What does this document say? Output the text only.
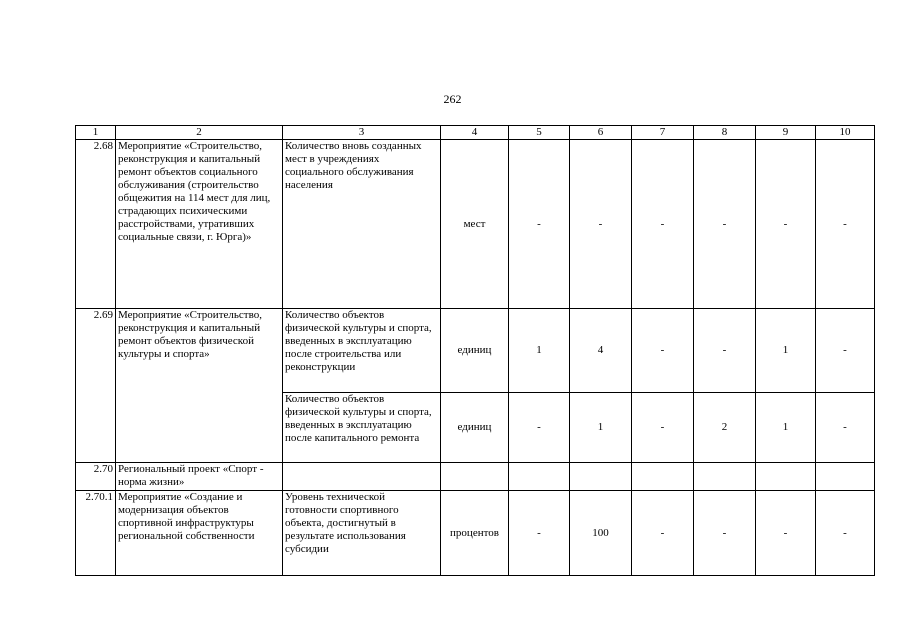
262
1	2	3	4	5	6	7	8	9	10
2.68	Мероприятие «Строительство, реконструкция и капитальный ремонт объектов социального обслуживания (строительство общежития на 114 мест для лиц, страдающих психическими расстройствами, утративших социальные связи, г. Юрга)»	Количество вновь созданных мест в учреждениях социального обслуживания населения	мест	-	-	-	-	-	-
2.69	Мероприятие «Строительство, реконструкция и капитальный ремонт объектов физической культуры и спорта»	Количество объектов физической культуры и спорта, введенных в эксплуатацию после строительства или реконструкции	единиц	1	4	-	-	1	-
		Количество объектов физической культуры и спорта, введенных в эксплуатацию после капитального ремонта	единиц	-	1	-	2	1	-
2.70	Региональный проект «Спорт - норма жизни»								
2.70.1	Мероприятие «Создание и модернизация объектов спортивной инфраструктуры региональной собственности	Уровень технической готовности спортивного объекта, достигнутый в результате использования субсидии	процентов	-	100	-	-	-	-
